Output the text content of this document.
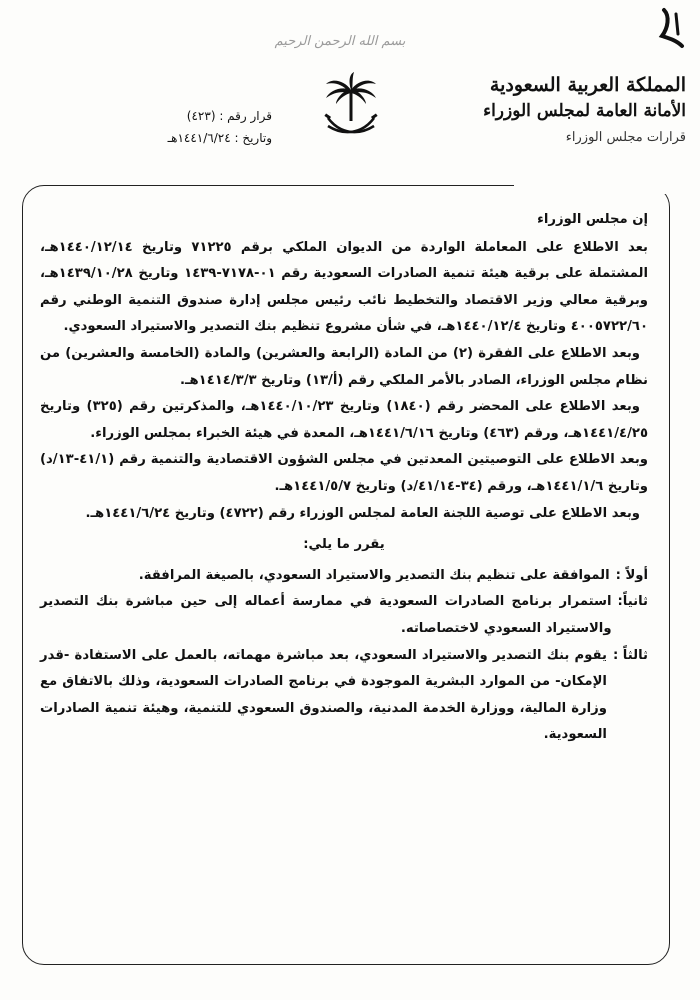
بسم الله الرحمن الرحيم
المملكة العربية السعودية
الأمانة العامة لمجلس الوزراء
قرارات مجلس الوزراء
قرار رقم : (٤٢٣)
وتاريخ : ١٤٤١/٦/٢٤هـ

إن مجلس الوزراء

بعد الاطلاع على المعاملة الواردة من الديوان الملكي برقم ٧١٢٢٥ وتاريخ ١٤٤٠/١٢/١٤هـ، المشتملة على برقية هيئة تنمية الصادرات السعودية رقم ٠١-٧١٧٨-١٤٣٩ وتاريخ ١٤٣٩/١٠/٢٨هـ، وبرقية معالي وزير الاقتصاد والتخطيط نائب رئيس مجلس إدارة صندوق التنمية الوطني رقم ٤٠٠٥٧٢٢/٦٠ وتاريخ ١٤٤٠/١٢/٤هـ، في شأن مشروع تنظيم بنك التصدير والاستيراد السعودي.

وبعد الاطلاع على الفقرة (٢) من المادة (الرابعة والعشرين) والمادة (الخامسة والعشرين) من نظام مجلس الوزراء، الصادر بالأمر الملكي رقم (أ/١٣) وتاريخ ١٤١٤/٣/٣هـ.

وبعد الاطلاع على المحضر رقم (١٨٤٠) وتاريخ ١٤٤٠/١٠/٢٣هـ، والمذكرتين رقم (٣٢٥) وتاريخ ١٤٤١/٤/٢٥هـ، ورقم (٤٦٣) وتاريخ ١٤٤١/٦/١٦هـ، المعدة في هيئة الخبراء بمجلس الوزراء.

وبعد الاطلاع على التوصيتين المعدتين في مجلس الشؤون الاقتصادية والتنمية رقم (٤١/١-١٣/د) وتاريخ ١٤٤١/١/٦هـ، ورقم (٣٤-٤١/١٤/د) وتاريخ ١٤٤١/٥/٧هـ.

وبعد الاطلاع على توصية اللجنة العامة لمجلس الوزراء رقم (٤٧٢٢) وتاريخ ١٤٤١/٦/٢٤هـ.

يقرر ما يلي:

أولاً :
الموافقة على تنظيم بنك التصدير والاستيراد السعودي، بالصيغة المرافقة.
ثانياً:
استمرار برنامج الصادرات السعودية في ممارسة أعماله إلى حين مباشرة بنك التصدير والاستيراد السعودي لاختصاصاته.
ثالثاً :
يقوم بنك التصدير والاستيراد السعودي، بعد مباشرة مهماته، بالعمل على الاستفادة -قدر الإمكان- من الموارد البشرية الموجودة في برنامج الصادرات السعودية، وذلك بالاتفاق مع وزارة المالية، ووزارة الخدمة المدنية، والصندوق السعودي للتنمية، وهيئة تنمية الصادرات السعودية.
